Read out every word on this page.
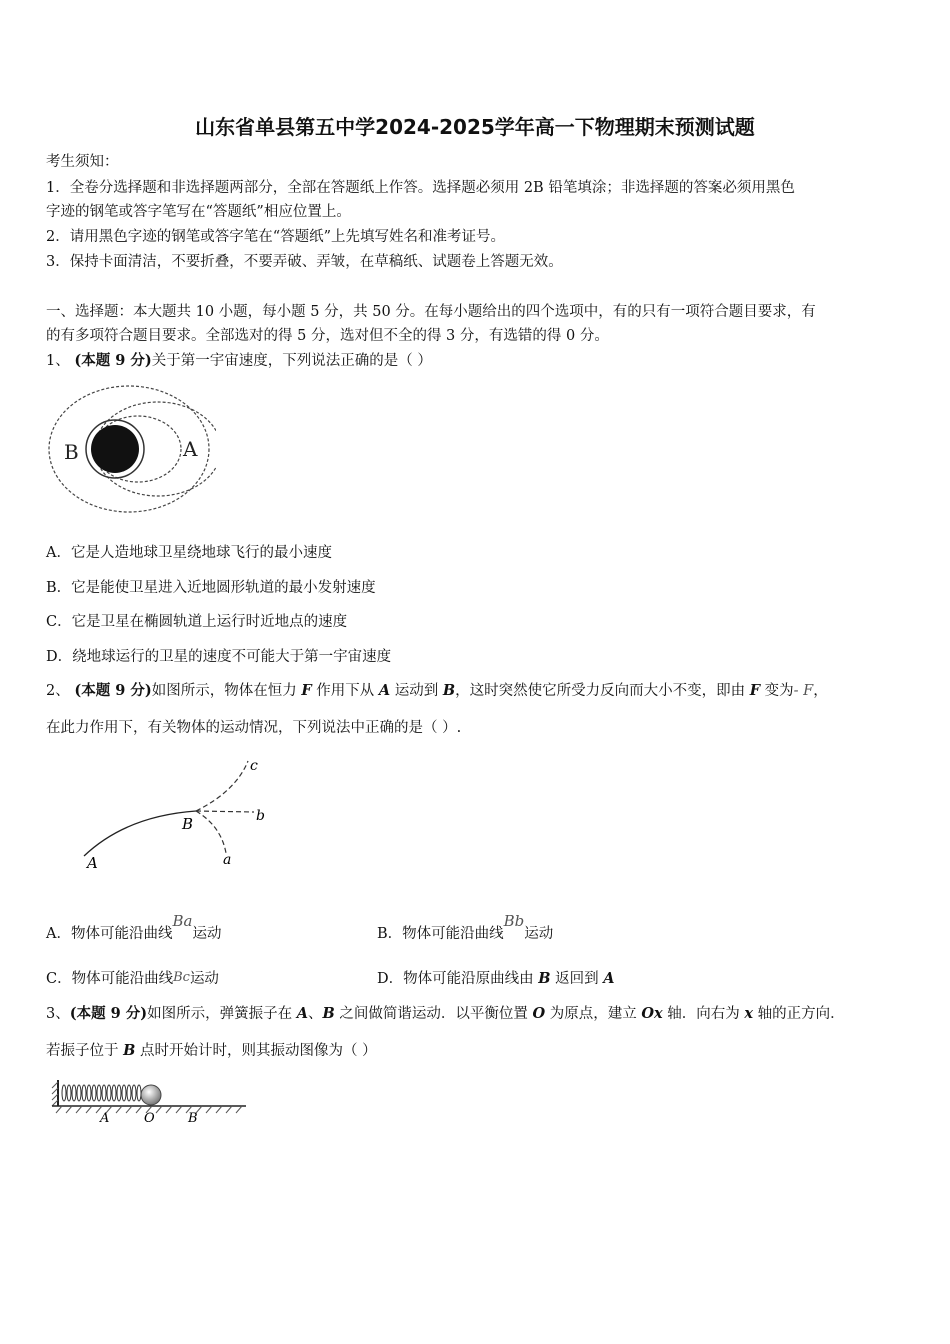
山东省单县第五中学2024-2025学年高一下物理期末预测试题
考生须知：
1．全卷分选择题和非选择题两部分，全部在答题纸上作答。选择题必须用 2B 铅笔填涂；非选择题的答案必须用黑色
字迹的钢笔或答字笔写在“答题纸”相应位置上。
2．请用黑色字迹的钢笔或答字笔在“答题纸”上先填写姓名和准考证号。
3．保持卡面清洁，不要折叠，不要弄破、弄皱，在草稿纸、试题卷上答题无效。
一、选择题：本大题共 10 小题，每小题 5 分，共 50 分。在每小题给出的四个选项中，有的只有一项符合题目要求，有
的有多项符合题目要求。全部选对的得 5 分，选对但不全的得 3 分，有选错的得 0 分。
1、 (本题 9 分)关于第一宇宙速度，下列说法正确的是（ ）
B	A
A．它是人造地球卫星绕地球飞行的最小速度
B．它是能使卫星进入近地圆形轨道的最小发射速度
C．它是卫星在椭圆轨道上运行时近地点的速度
D．绕地球运行的卫星的速度不可能大于第一宇宙速度
2、 (本题 9 分)如图所示，物体在恒力 F 作用下从 A 运动到 B，这时突然使它所受力反向而大小不变，即由 F 变为- F，
在此力作用下，有关物体的运动情况，下列说法中正确的是（ ）.
c
b
a
B
A
A．物体可能沿曲线Ba运动	B．物体可能沿曲线Bb运动
C．物体可能沿曲线Bc运动	D．物体可能沿原曲线由 B 返回到 A
3、(本题 9 分)如图所示，弹簧振子在 A、B 之间做简谐运动．以平衡位置 O 为原点，建立 Ox 轴．向右为 x 轴的正方向．
若振子位于 B 点时开始计时，则其振动图像为（ ）
A	O	B
